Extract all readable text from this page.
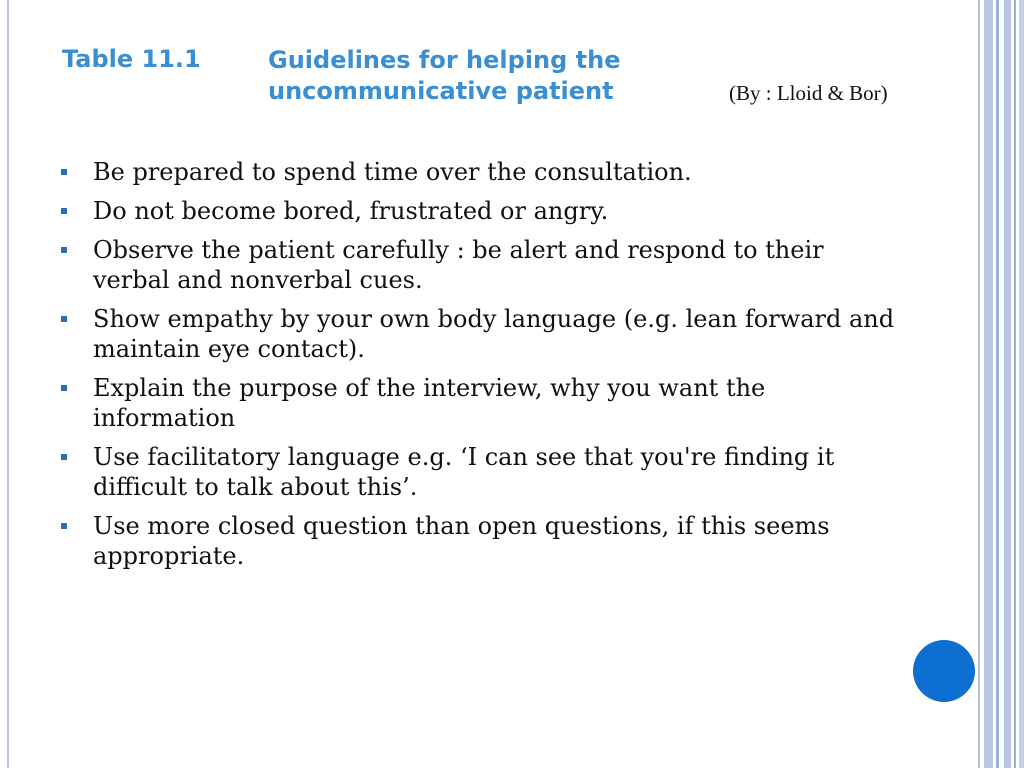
Table 11.1	Guidelines for helping the
uncommunicative patient	(By : Lloid & Bor)
Be prepared to spend time over the consultation.
Do not become bored, frustrated or angry.
Observe the patient carefully : be alert and respond to their verbal and nonverbal cues.
Show empathy by your own body language (e.g. lean forward and maintain eye contact).
Explain the purpose of the interview, why you want the information
Use facilitatory language e.g. ‘I can see that you're finding it difficult to talk about this’.
Use more closed question than open questions, if this seems appropriate.
